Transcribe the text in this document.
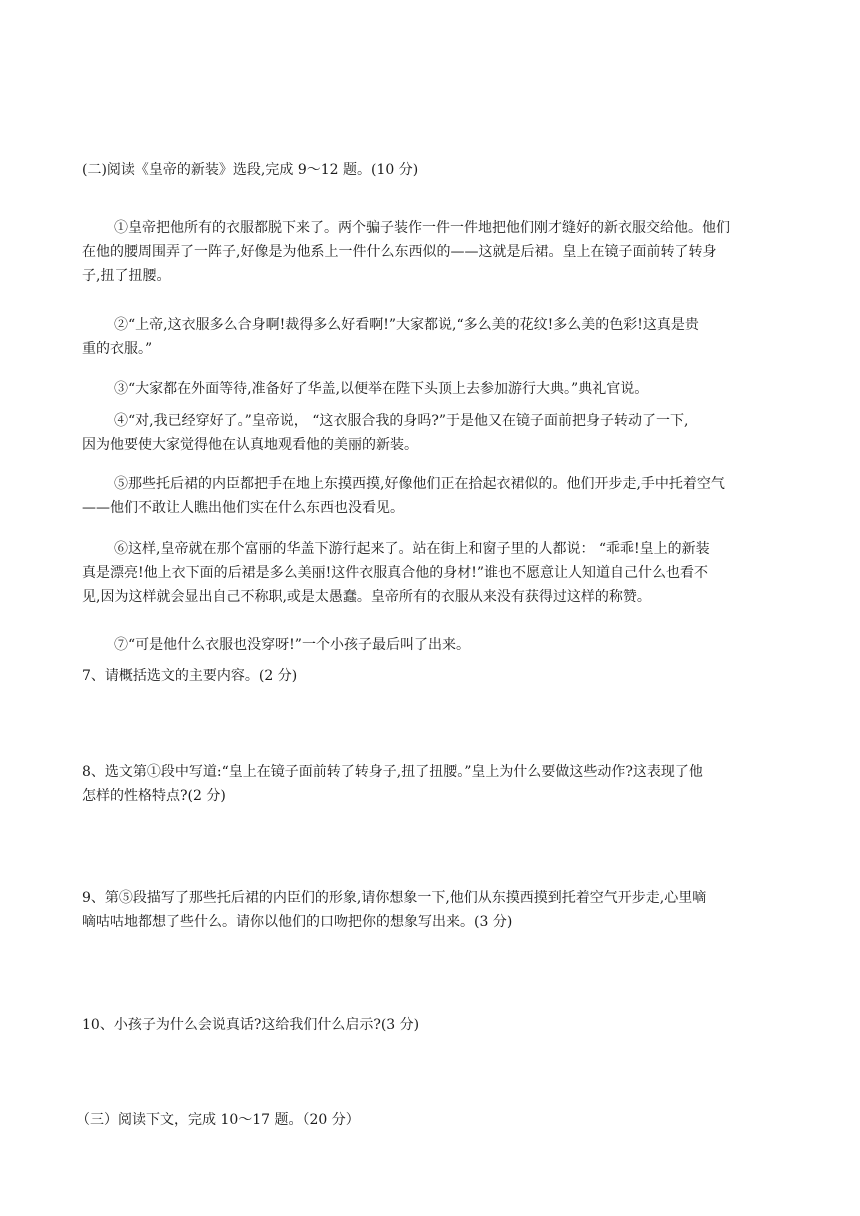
(二)阅读《皇帝的新装》选段,完成 9～12 题。(10 分)
①皇帝把他所有的衣服都脱下来了。两个骗子装作一件一件地把他们刚才缝好的新衣服交给他。他们
在他的腰周围弄了一阵子,好像是为他系上一件什么东西似的——这就是后裙。皇上在镜子面前转了转身
子,扭了扭腰。
②“上帝,这衣服多么合身啊!裁得多么好看啊!”大家都说,“多么美的花纹!多么美的色彩!这真是贵
重的衣服。”
③“大家都在外面等待,准备好了华盖,以便举在陛下头顶上去参加游行大典。”典礼官说。
④“对,我已经穿好了。”皇帝说， “这衣服合我的身吗?”于是他又在镜子面前把身子转动了一下,
因为他要使大家觉得他在认真地观看他的美丽的新装。
⑤那些托后裙的内臣都把手在地上东摸西摸,好像他们正在拾起衣裙似的。他们开步走,手中托着空气
——他们不敢让人瞧出他们实在什么东西也没看见。
⑥这样,皇帝就在那个富丽的华盖下游行起来了。站在街上和窗子里的人都说： “乖乖!皇上的新装
真是漂亮!他上衣下面的后裙是多么美丽!这件衣服真合他的身材!”谁也不愿意让人知道自己什么也看不
见,因为这样就会显出自己不称职,或是太愚蠢。皇帝所有的衣服从来没有获得过这样的称赞。
⑦“可是他什么衣服也没穿呀!”一个小孩子最后叫了出来。
7、请概括选文的主要内容。(2 分)
8、选文第①段中写道:“皇上在镜子面前转了转身子,扭了扭腰。”皇上为什么要做这些动作?这表现了他
怎样的性格特点?(2 分)
9、第⑤段描写了那些托后裙的内臣们的形象,请你想象一下,他们从东摸西摸到托着空气开步走,心里嘀
嘀咕咕地都想了些什么。请你以他们的口吻把你的想象写出来。(3 分)
10、小孩子为什么会说真话?这给我们什么启示?(3 分)
（三）阅读下文，完成 10～17 题。（20 分）
